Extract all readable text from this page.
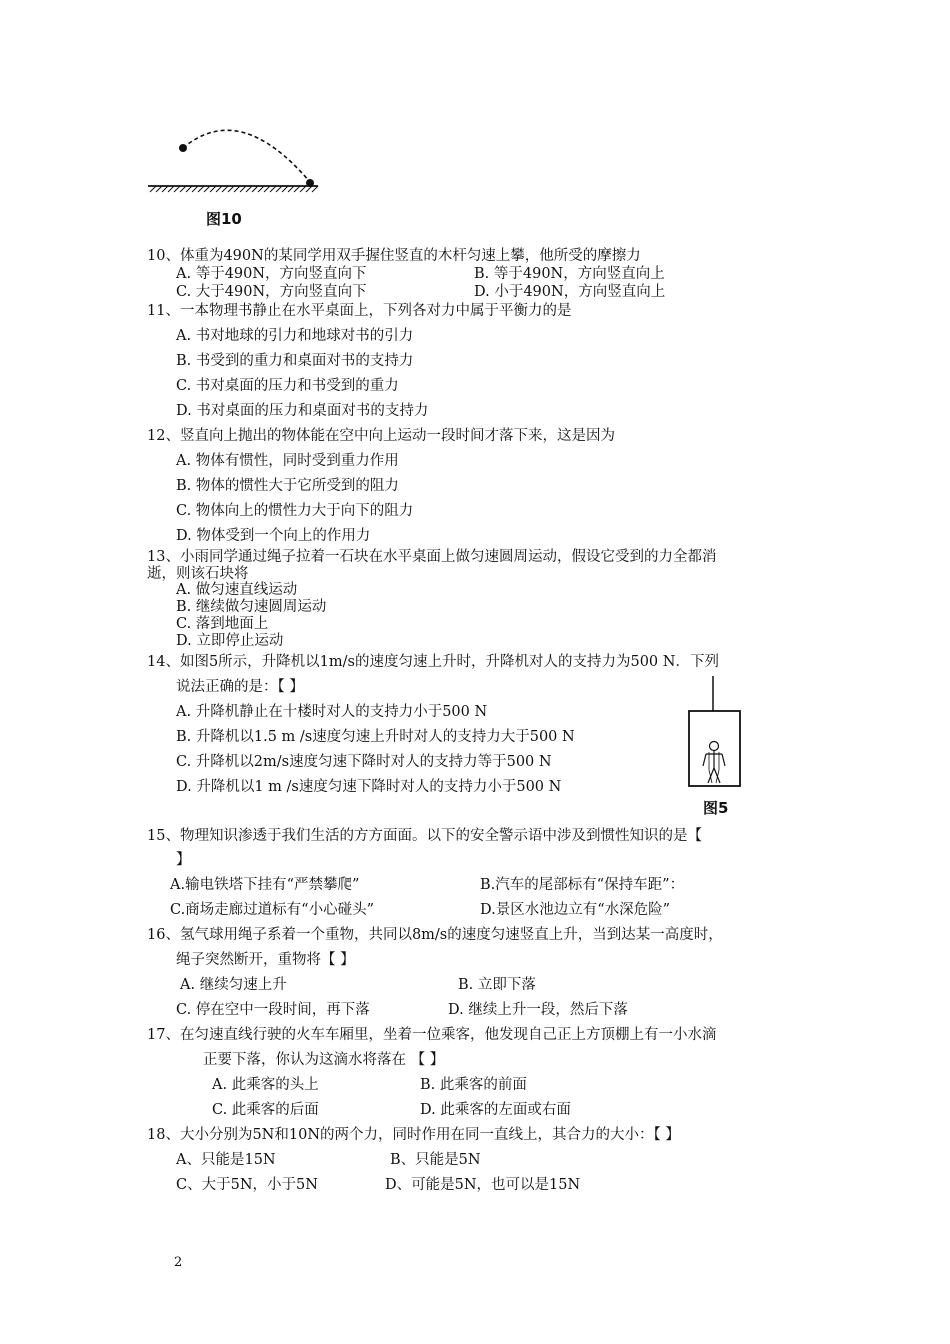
图10
10、体重为490N的某同学用双手握住竖直的木杆匀速上攀，他所受的摩擦力
A. 等于490N，方向竖直向下	B. 等于490N，方向竖直向上
C. 大于490N，方向竖直向下	D. 小于490N，方向竖直向上
11、一本物理书静止在水平桌面上，下列各对力中属于平衡力的是
A. 书对地球的引力和地球对书的引力
B. 书受到的重力和桌面对书的支持力
C. 书对桌面的压力和书受到的重力
D. 书对桌面的压力和桌面对书的支持力
12、竖直向上抛出的物体能在空中向上运动一段时间才落下来，这是因为
A. 物体有惯性，同时受到重力作用
B. 物体的惯性大于它所受到的阻力
C. 物体向上的惯性力大于向下的阻力
D. 物体受到一个向上的作用力
13、小雨同学通过绳子拉着一石块在水平桌面上做匀速圆周运动，假设它受到的力全都消
逝，则该石块将
A. 做匀速直线运动
B. 继续做匀速圆周运动
C. 落到地面上
D. 立即停止运动
14、如图5所示，升降机以1m/s的速度匀速上升时，升降机对人的支持力为500 N．下列
说法正确的是：【 】
A. 升降机静止在十楼时对人的支持力小于500 N
B. 升降机以1.5 m /s速度匀速上升时对人的支持力大于500 N
C. 升降机以2m/s速度匀速下降时对人的支持力等于500 N
D. 升降机以1 m /s速度匀速下降时对人的支持力小于500 N
图5
15、物理知识渗透于我们生活的方方面面。以下的安全警示语中涉及到惯性知识的是【
】
A.输电铁塔下挂有“严禁攀爬”	B.汽车的尾部标有“保持车距”：
C.商场走廊过道标有“小心碰头”	D.景区水池边立有“水深危险”
16、氢气球用绳子系着一个重物，共同以8m/s的速度匀速竖直上升，当到达某一高度时，
绳子突然断开，重物将【 】
A. 继续匀速上升	B. 立即下落
C. 停在空中一段时间，再下落	D. 继续上升一段，然后下落
17、在匀速直线行驶的火车车厢里，坐着一位乘客，他发现自己正上方顶棚上有一小水滴
正要下落，你认为这滴水将落在 【 】
A. 此乘客的头上	B. 此乘客的前面
C. 此乘客的后面	D. 此乘客的左面或右面
18、大小分别为5N和10N的两个力，同时作用在同一直线上，其合力的大小：【 】
A、只能是15N	B、只能是5N
C、大于5N，小于5N	D、可能是5N，也可以是15N
2
